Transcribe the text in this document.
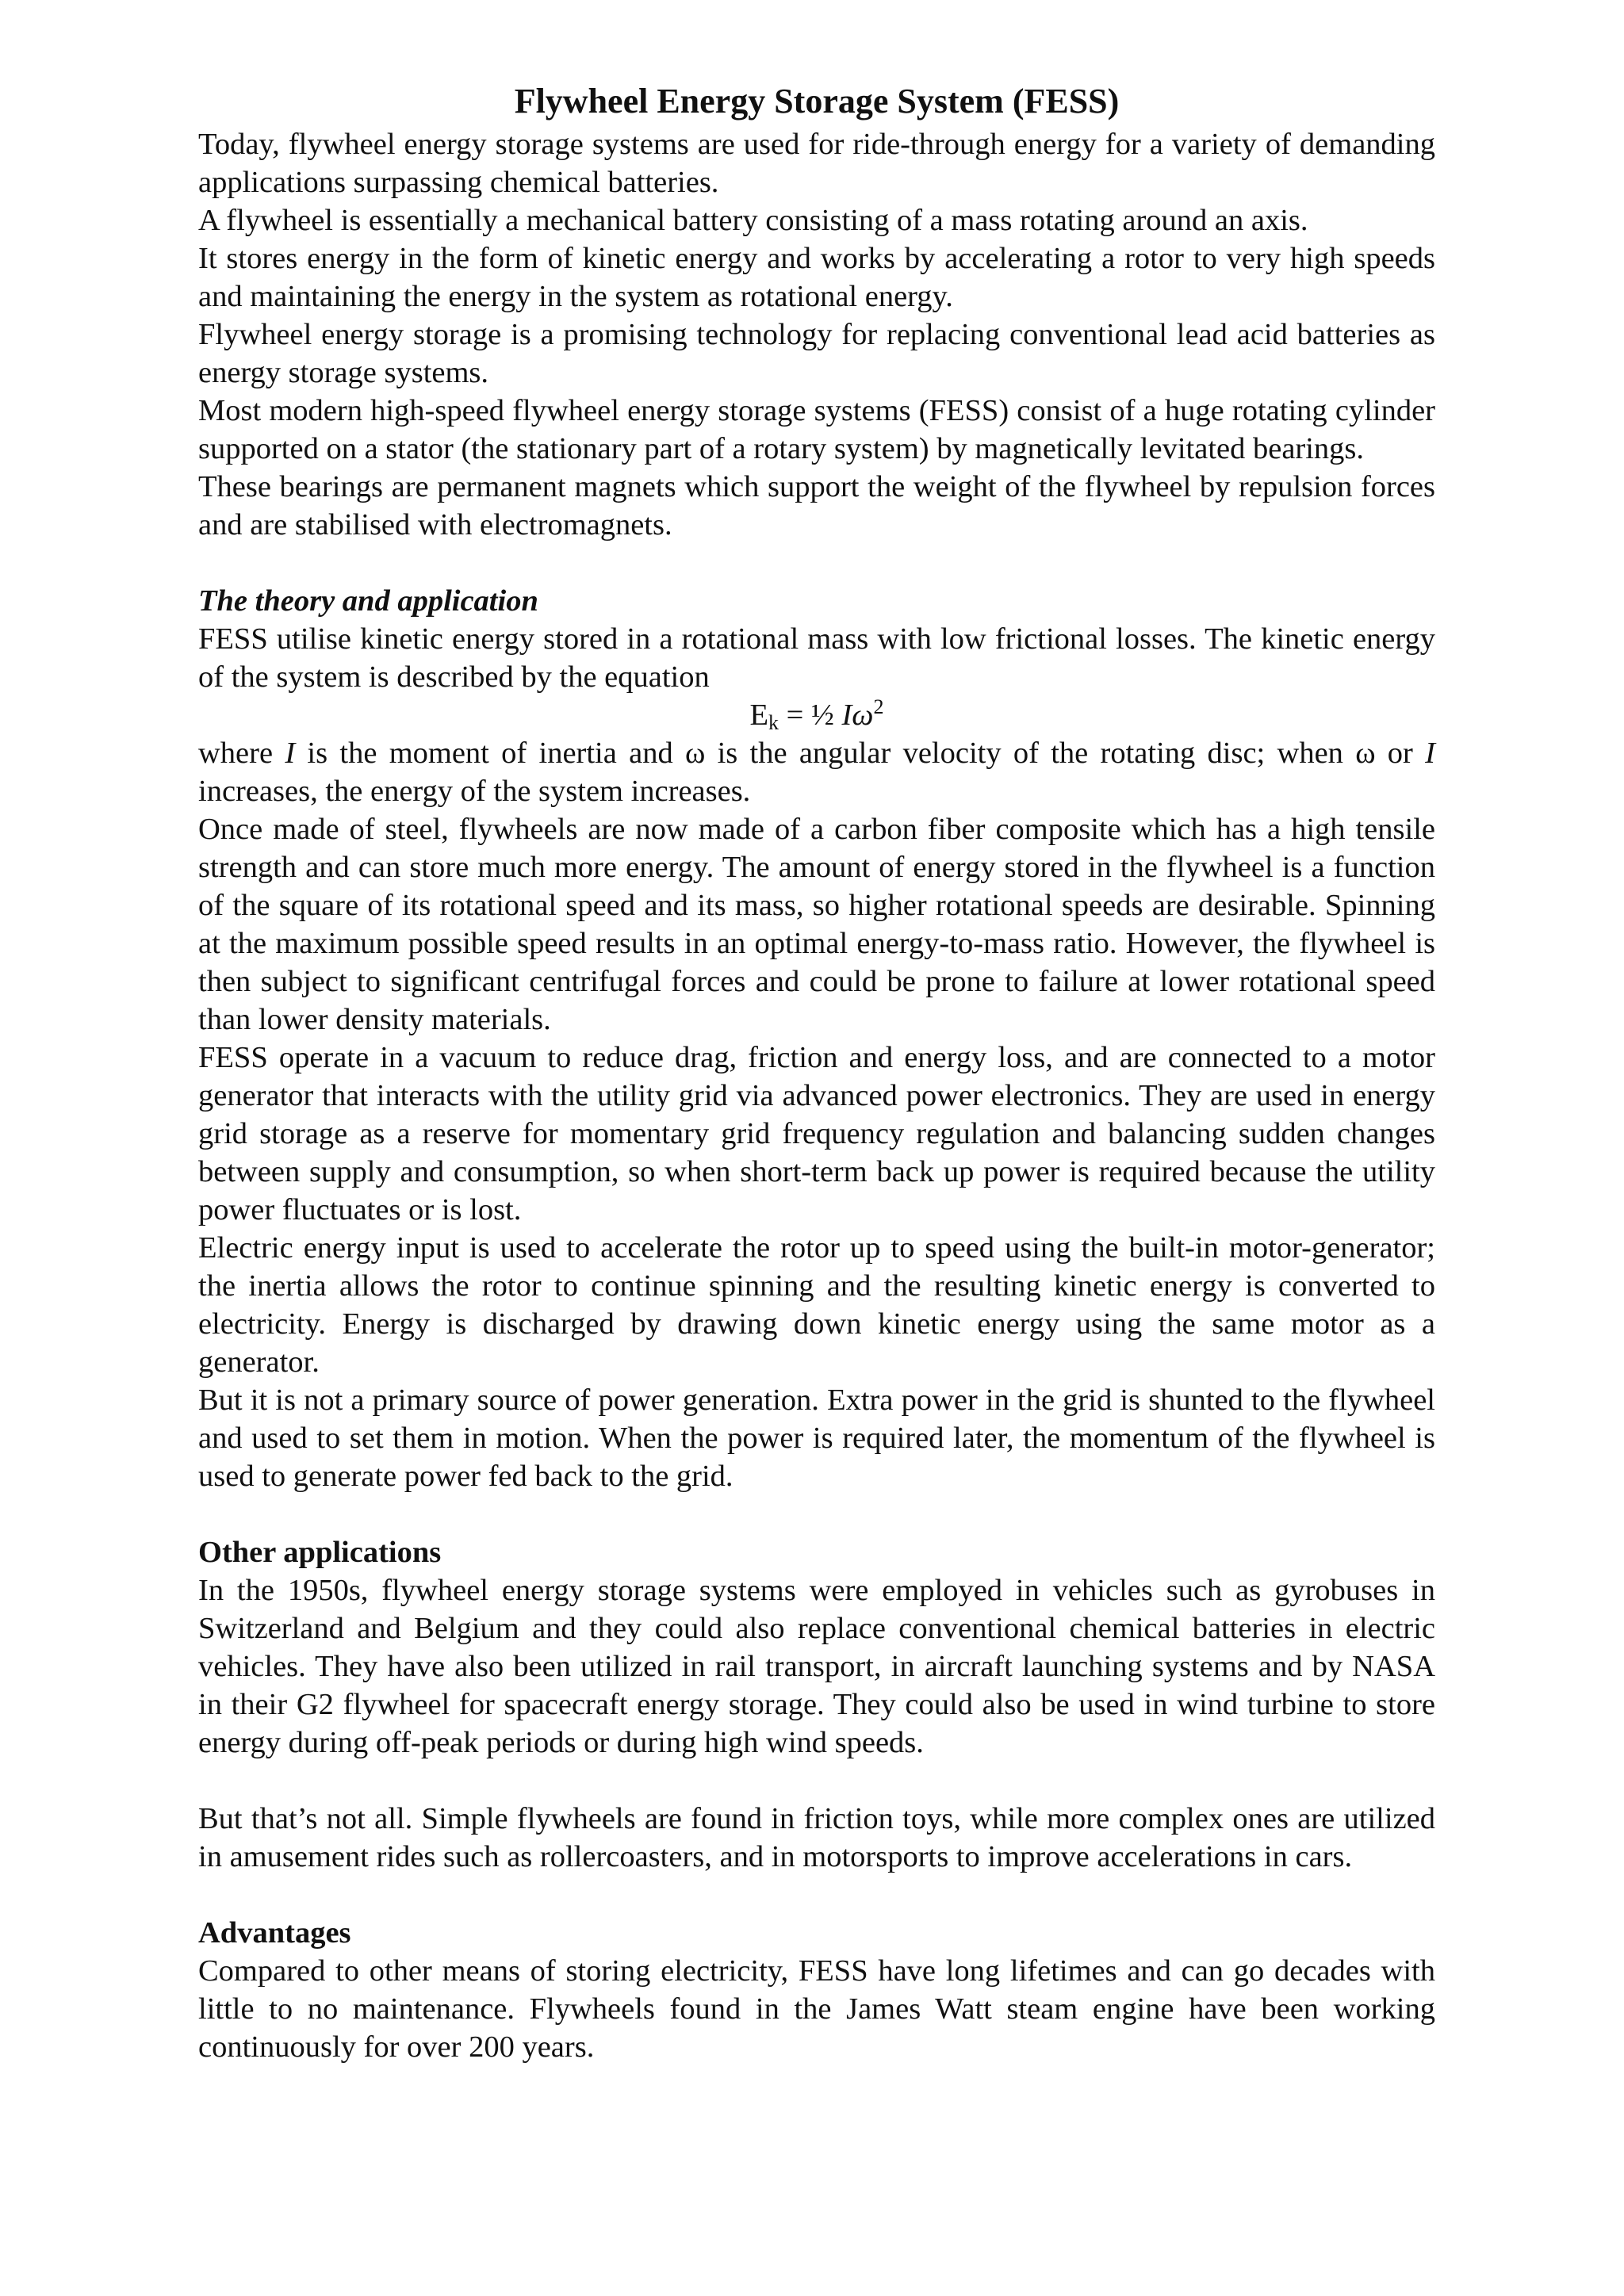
Flywheel Energy Storage System (FESS)

Today, flywheel energy storage systems are used for ride-through energy for a variety of demanding applications surpassing chemical batteries.

A flywheel is essentially a mechanical battery consisting of a mass rotating around an axis.

It stores energy in the form of kinetic energy and works by accelerating a rotor to very high speeds and maintaining the energy in the system as rotational energy.

Flywheel energy storage is a promising technology for replacing conventional lead acid batteries as energy storage systems.

Most modern high-speed flywheel energy storage systems (FESS) consist of a huge rotating cylinder supported on a stator (the stationary part of a rotary system) by magnetically levitated bearings.

These bearings are permanent magnets which support the weight of the flywheel by repulsion forces and are stabilised with electromagnets.

The theory and application

FESS utilise kinetic energy stored in a rotational mass with low frictional losses. The kinetic energy of the system is described by the equation

$E_k$ = ½ $I\omega^2$

where I is the moment of inertia and ω is the angular velocity of the rotating disc; when ω or I increases, the energy of the system increases.

Once made of steel, flywheels are now made of a carbon fiber composite which has a high tensile strength and can store much more energy. The amount of energy stored in the flywheel is a function of the square of its rotational speed and its mass, so higher rotational speeds are desirable. Spinning at the maximum possible speed results in an optimal energy-to-mass ratio. However, the flywheel is then subject to significant centrifugal forces and could be prone to failure at lower rotational speed than lower density materials.

FESS operate in a vacuum to reduce drag, friction and energy loss, and are connected to a motor generator that interacts with the utility grid via advanced power electronics. They are used in energy grid storage as a reserve for momentary grid frequency regulation and balancing sudden changes between supply and consumption, so when short-term back up power is required because the utility power fluctuates or is lost.

Electric energy input is used to accelerate the rotor up to speed using the built-in motor-generator; the inertia allows the rotor to continue spinning and the resulting kinetic energy is converted to electricity. Energy is discharged by drawing down kinetic energy using the same motor as a generator.

But it is not a primary source of power generation. Extra power in the grid is shunted to the flywheel and used to set them in motion. When the power is required later, the momentum of the flywheel is used to generate power fed back to the grid.

Other applications

In the 1950s, flywheel energy storage systems were employed in vehicles such as gyrobuses in Switzerland and Belgium and they could also replace conventional chemical batteries in electric vehicles. They have also been utilized in rail transport, in aircraft launching systems and by NASA in their G2 flywheel for spacecraft energy storage. They could also be used in wind turbine to store energy during off-peak periods or during high wind speeds.

But that’s not all. Simple flywheels are found in friction toys, while more complex ones are utilized in amusement rides such as rollercoasters, and in motorsports to improve accelerations in cars.

Advantages

Compared to other means of storing electricity, FESS have long lifetimes and can go decades with little to no maintenance. Flywheels found in the James Watt steam engine have been working continuously for over 200 years.
